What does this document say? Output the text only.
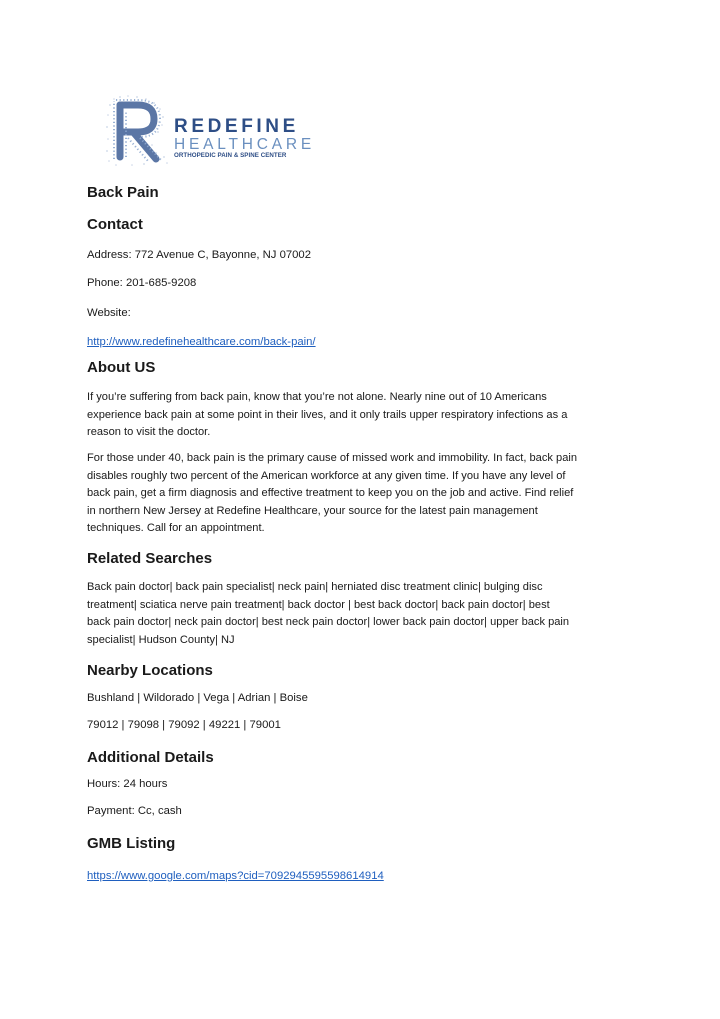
REDEFINE
HEALTHCARE
ORTHOPEDIC PAIN & SPINE CENTER
Back Pain
Contact
Address: 772 Avenue C, Bayonne, NJ 07002
Phone: 201-685-9208
Website:
http://www.redefinehealthcare.com/back-pain/
About US
If you’re suffering from back pain, know that you’re not alone. Nearly nine out of 10 Americans
experience back pain at some point in their lives, and it only trails upper respiratory infections as a
reason to visit the doctor.
For those under 40, back pain is the primary cause of missed work and immobility. In fact, back pain
disables roughly two percent of the American workforce at any given time. If you have any level of
back pain, get a firm diagnosis and effective treatment to keep you on the job and active. Find relief
in northern New Jersey at Redefine Healthcare, your source for the latest pain management
techniques. Call for an appointment.
Related Searches
Back pain doctor| back pain specialist| neck pain| herniated disc treatment clinic| bulging disc
treatment| sciatica nerve pain treatment| back doctor | best back doctor| back pain doctor| best
back pain doctor| neck pain doctor| best neck pain doctor| lower back pain doctor| upper back pain
specialist| Hudson County| NJ
Nearby Locations
Bushland | Wildorado | Vega | Adrian | Boise
79012 | 79098 | 79092 | 49221 | 79001
Additional Details
Hours: 24 hours
Payment: Cc, cash
GMB Listing
https://www.google.com/maps?cid=7092945595598614914
